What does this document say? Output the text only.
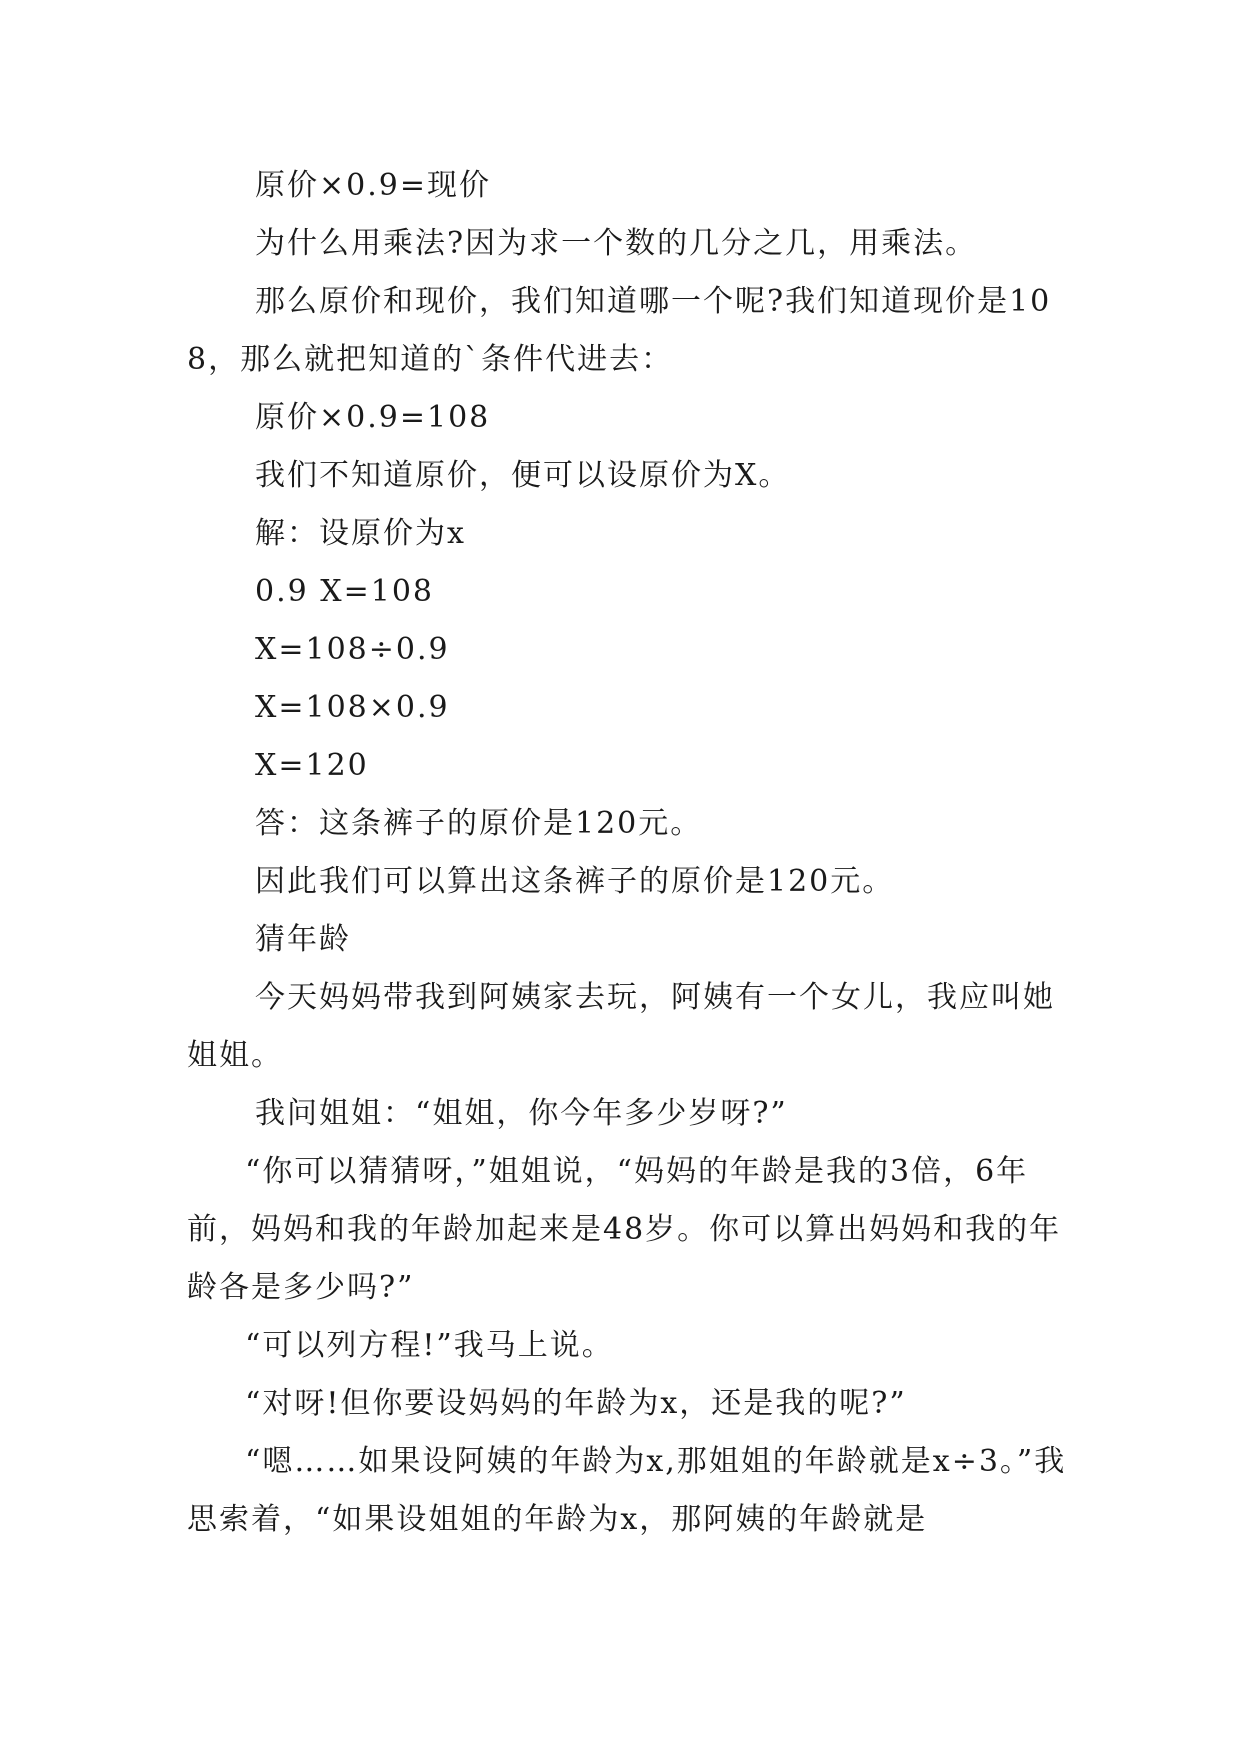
原价×0.9=现价

为什么用乘法?因为求一个数的几分之几，用乘法。

那么原价和现价，我们知道哪一个呢?我们知道现价是108，那么就把知道的`条件代进去：

原价×0.9=108

我们不知道原价，便可以设原价为X。

解：设原价为x

0.9 X=108

X=108÷0.9

X=108×0.9

X=120

答：这条裤子的原价是120元。

因此我们可以算出这条裤子的原价是120元。

猜年龄

今天妈妈带我到阿姨家去玩，阿姨有一个女儿，我应叫她姐姐。

我问姐姐：“姐姐，你今年多少岁呀?”

“你可以猜猜呀，”姐姐说，“妈妈的年龄是我的3倍，6年前，妈妈和我的年龄加起来是48岁。你可以算出妈妈和我的年龄各是多少吗?”

“可以列方程!”我马上说。

“对呀!但你要设妈妈的年龄为x，还是我的呢?”

“嗯……如果设阿姨的年龄为x,那姐姐的年龄就是x÷3。”我思索着，“如果设姐姐的年龄为x，那阿姨的年龄就是
